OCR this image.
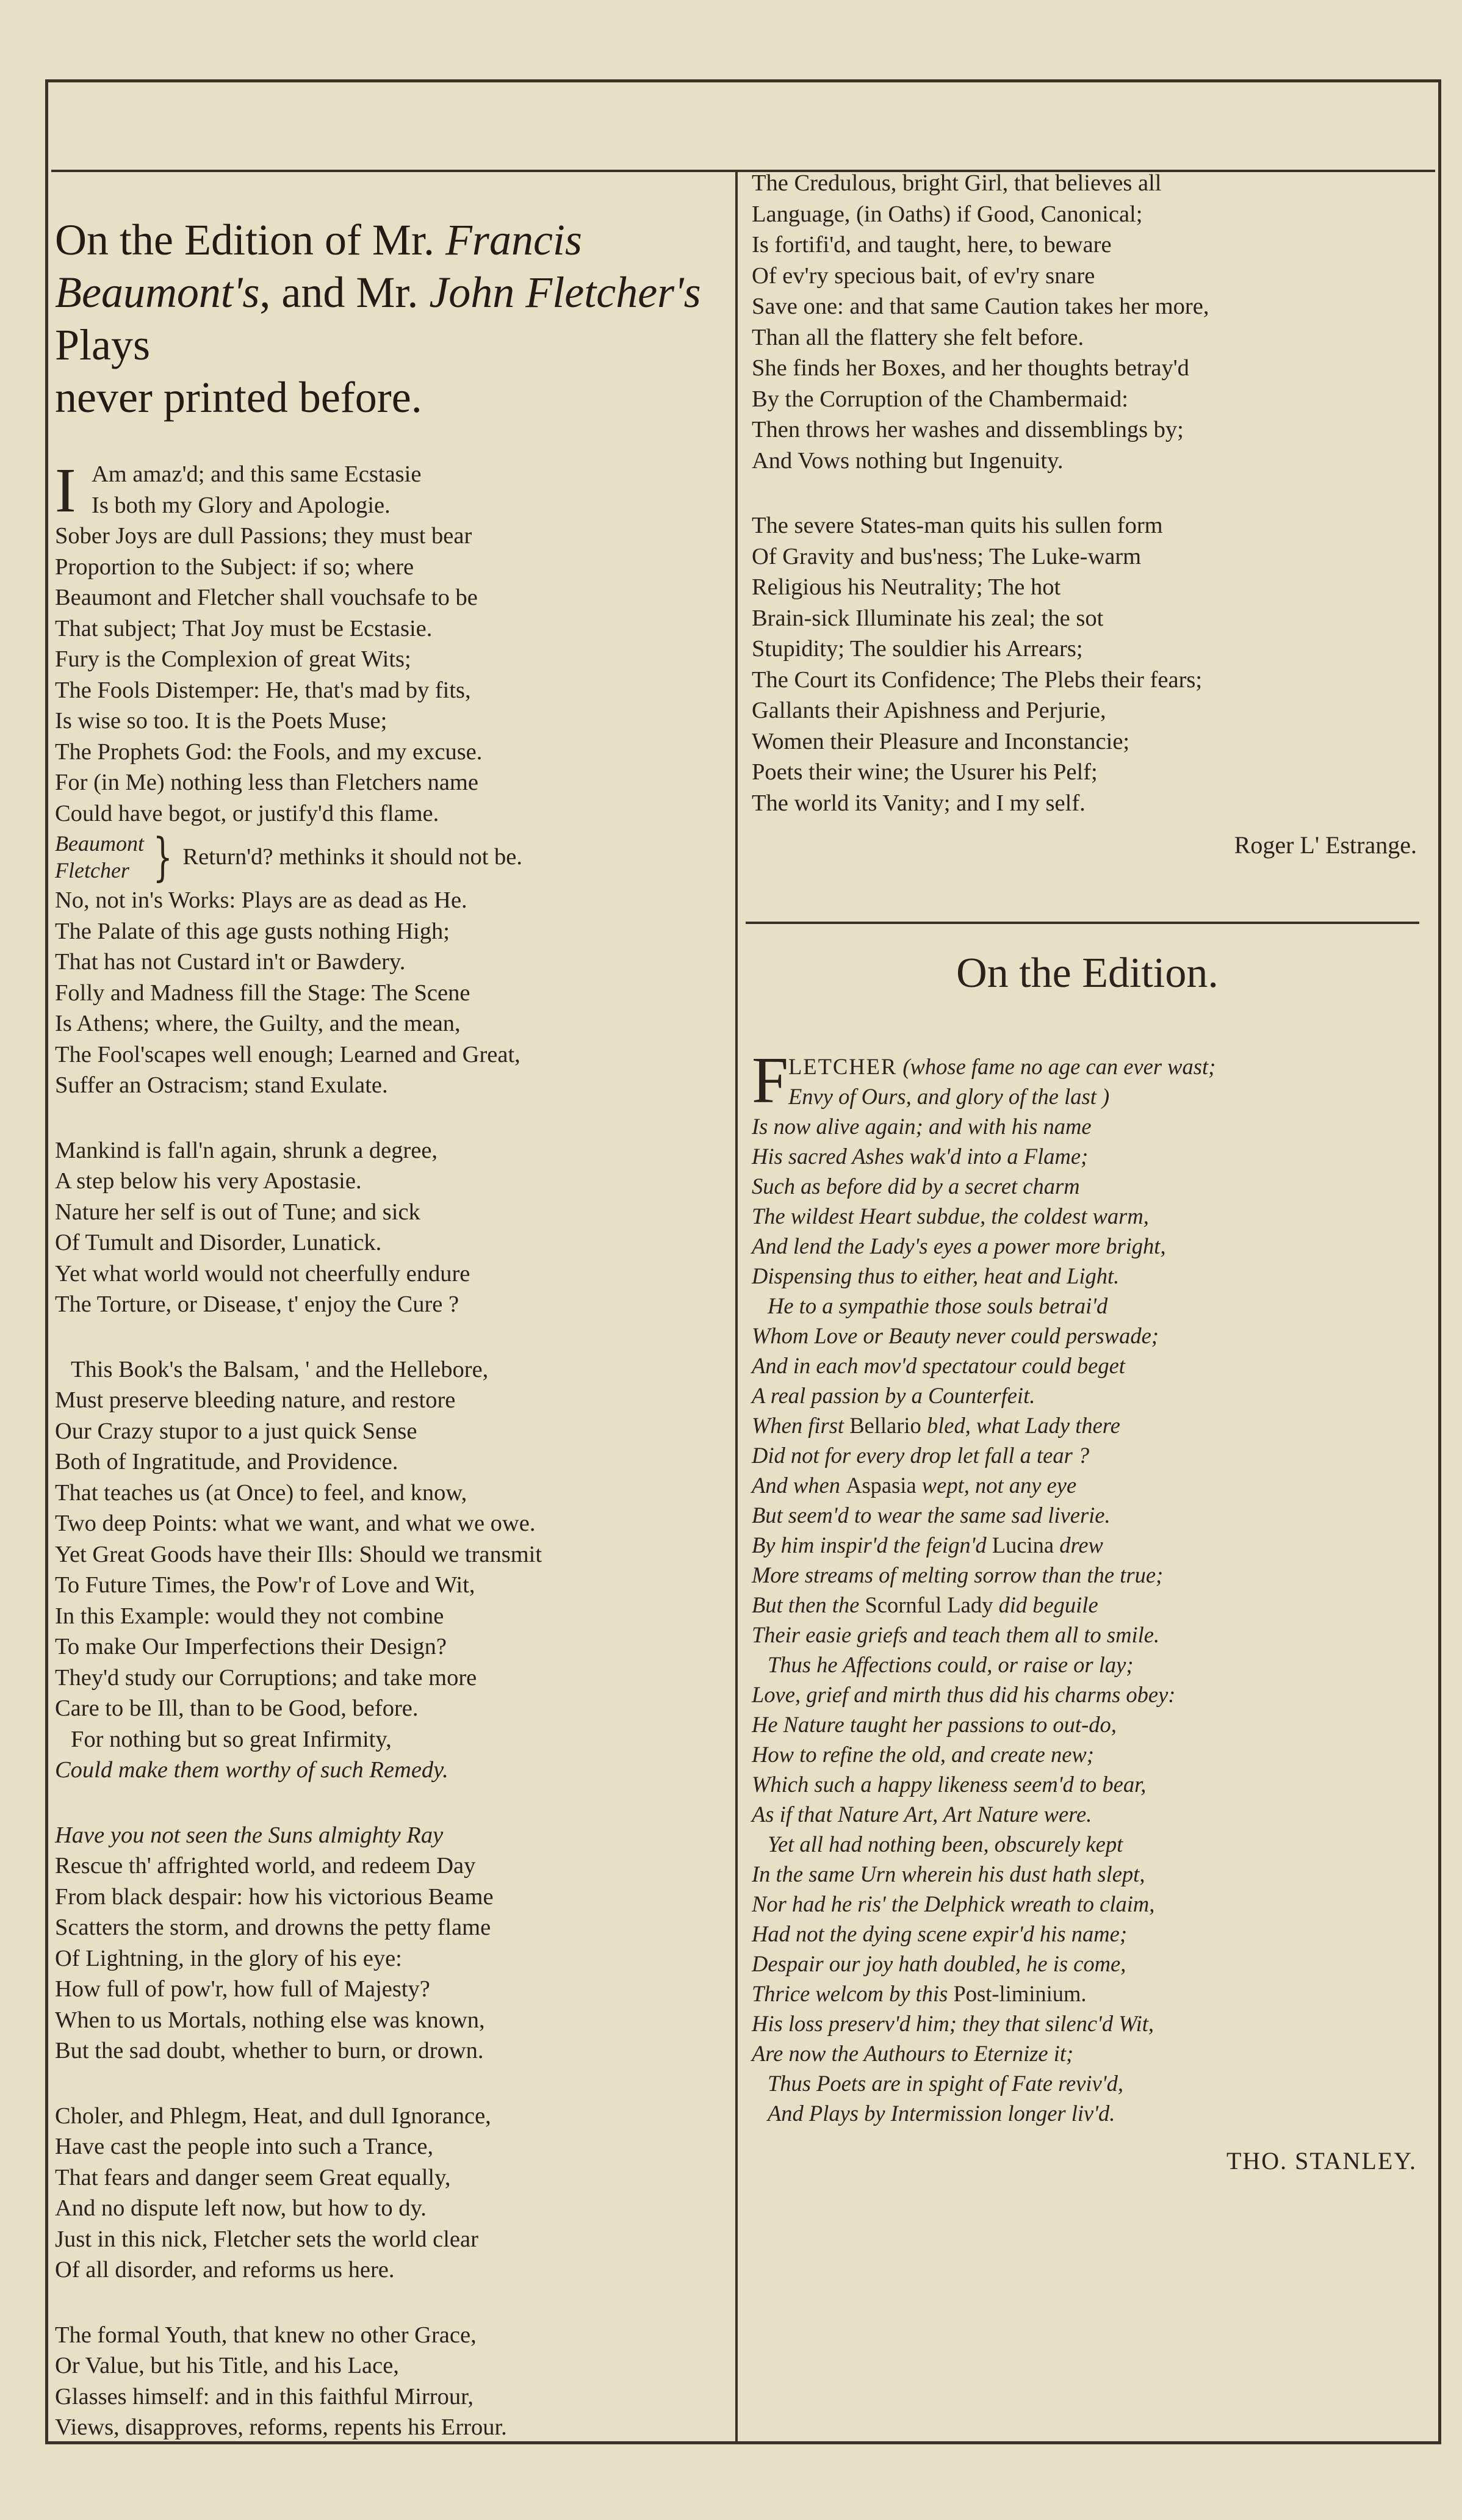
On the Edition of Mr. Francis
Beaumont's, and Mr. John Fletcher's Plays
never printed before.
I Am amaz'd; and this same Ecstasie
Is both my Glory and Apologie.
Sober Joys are dull Passions; they must bear
Proportion to the Subject: if so; where
Beaumont and Fletcher shall vouchsafe to be
That subject; That Joy must be Ecstasie.
Fury is the Complexion of great Wits;
The Fools Distemper: He, that's mad by fits,
Is wise so too. It is the Poets Muse;
The Prophets God: the Fools, and my excuse.
For (in Me) nothing less than Fletchers name
Could have begot, or justify'd this flame.
Beaumont
Fletcher } Return'd? methinks it should not be.
No, not in's Works: Plays are as dead as He.
The Palate of this age gusts nothing High;
That has not Custard in't or Bawdery.
Folly and Madness fill the Stage: The Scene
Is Athens; where, the Guilty, and the mean,
The Fool'scapes well enough; Learned and Great,
Suffer an Ostracism; stand Exulate.
Mankind is fall'n again, shrunk a degree,
A step below his very Apostasie.
Nature her self is out of Tune; and sick
Of Tumult and Disorder, Lunatick.
Yet what world would not cheerfully endure
The Torture, or Disease, t' enjoy the Cure ?
This Book's the Balsam, ' and the Hellebore,
Must preserve bleeding nature, and restore
Our Crazy stupor to a just quick Sense
Both of Ingratitude, and Providence.
That teaches us (at Once) to feel, and know,
Two deep Points: what we want, and what we owe.
Yet Great Goods have their Ills: Should we transmit
To Future Times, the Pow'r of Love and Wit,
In this Example: would they not combine
To make Our Imperfections their Design?
They'd study our Corruptions; and take more
Care to be Ill, than to be Good, before.
For nothing but so great Infirmity,
Could make them worthy of such Remedy.
Have you not seen the Suns almighty Ray
Rescue th' affrighted world, and redeem Day
From black despair: how his victorious Beame
Scatters the storm, and drowns the petty flame
Of Lightning, in the glory of his eye:
How full of pow'r, how full of Majesty?
When to us Mortals, nothing else was known,
But the sad doubt, whether to burn, or drown.
Choler, and Phlegm, Heat, and dull Ignorance,
Have cast the people into such a Trance,
That fears and danger seem Great equally,
And no dispute left now, but how to dy.
Just in this nick, Fletcher sets the world clear
Of all disorder, and reforms us here.
The formal Youth, that knew no other Grace,
Or Value, but his Title, and his Lace,
Glasses himself: and in this faithful Mirrour,
Views, disapproves, reforms, repents his Errour.
The Credulous, bright Girl, that believes all
Language, (in Oaths) if Good, Canonical;
Is fortifi'd, and taught, here, to beware
Of ev'ry specious bait, of ev'ry snare
Save one: and that same Caution takes her more,
Than all the flattery she felt before.
She finds her Boxes, and her thoughts betray'd
By the Corruption of the Chambermaid:
Then throws her washes and dissemblings by;
And Vows nothing but Ingenuity.
The severe States-man quits his sullen form
Of Gravity and bus'ness; The Luke-warm
Religious his Neutrality; The hot
Brain-sick Illuminate his zeal; the sot
Stupidity; The souldier his Arrears;
The Court its Confidence; The Plebs their fears;
Gallants their Apishness and Perjurie,
Women their Pleasure and Inconstancie;
Poets their wine; the Usurer his Pelf;
The world its Vanity; and I my self.
Roger L' Estrange.
On the Edition.
F LETCHER (whose fame no age can ever wast;
Envy of Ours, and glory of the last )
Is now alive again; and with his name
His sacred Ashes wak'd into a Flame;
Such as before did by a secret charm
The wildest Heart subdue, the coldest warm,
And lend the Lady's eyes a power more bright,
Dispensing thus to either, heat and Light.
He to a sympathie those souls betrai'd
Whom Love or Beauty never could perswade;
And in each mov'd spectatour could beget
A real passion by a Counterfeit.
When first Bellario bled, what Lady there
Did not for every drop let fall a tear ?
And when Aspasia wept, not any eye
But seem'd to wear the same sad liverie.
By him inspir'd the feign'd Lucina drew
More streams of melting sorrow than the true;
But then the Scornful Lady did beguile
Their easie griefs and teach them all to smile.
Thus he Affections could, or raise or lay;
Love, grief and mirth thus did his charms obey:
He Nature taught her passions to out-do,
How to refine the old, and create new;
Which such a happy likeness seem'd to bear,
As if that Nature Art, Art Nature were.
Yet all had nothing been, obscurely kept
In the same Urn wherein his dust hath slept,
Nor had he ris' the Delphick wreath to claim,
Had not the dying scene expir'd his name;
Despair our joy hath doubled, he is come,
Thrice welcom by this Post-liminium.
His loss preserv'd him; they that silenc'd Wit,
Are now the Authours to Eternize it;
Thus Poets are in spight of Fate reviv'd,
And Plays by Intermission longer liv'd.
THO. STANLEY.
